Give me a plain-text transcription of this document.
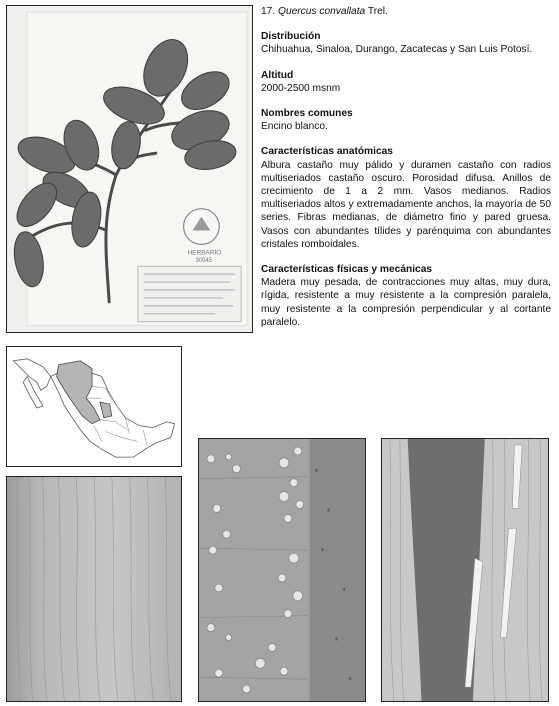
HERBARIO
30945

17. Quercus convallata Trel.

Distribución

Chihuahua, Sinaloa, Durango, Zacatecas y San Luis Potosí.

Altitud

2000-2500 msnm

Nombres comunes

Encino blanco.

Características anatómicas

Albura castaño muy pálido y duramen castaño con radios multiseriados castaño oscuro. Porosidad difusa. Anillos de crecimiento de 1 a 2 mm. Vasos medianos. Radios multiseriados altos y extremadamente anchos, la mayoría de 50 series. Fibras medianas, de diámetro fino y pared gruesa. Vasos con abundantes tílides y parénquima con abundantes cristales romboidales.

Características físicas y mecánicas

Madera muy pesada, de contracciones muy altas, muy dura, rígida, resistente a muy resistente a la compresión paralela, muy resistente a la compresión perpendicular y al cortante paralelo.
